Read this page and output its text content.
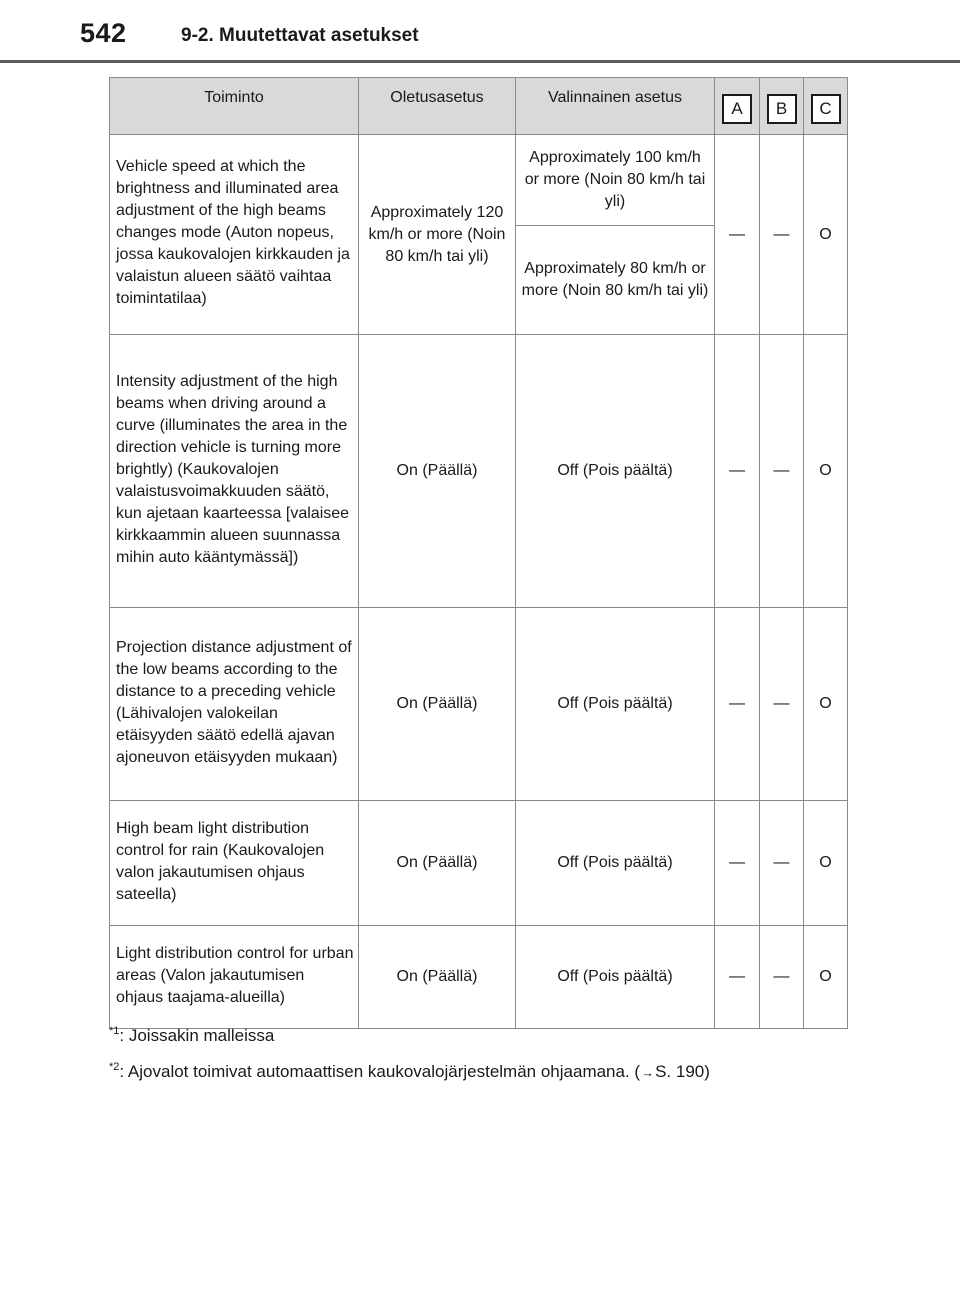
542	9-2. Muutettavat asetukset
Toiminto	Oletusasetus	Valinnainen asetus	A	B	C
Vehicle speed at which the brightness and illuminated area adjustment of the high beams changes mode (Auton nopeus, jossa kaukovalojen kirkkauden ja valaistun alueen säätö vaihtaa toimintatilaa)	Approximately 120 km/h or more (Noin 80 km/h tai yli)	Approximately 100 km/h or more (Noin 80 km/h tai yli)	—	—	O
		Approximately 80 km/h or more (Noin 80 km/h tai yli)			
Intensity adjustment of the high beams when driving around a curve (illuminates the area in the direction vehicle is turning more brightly) (Kaukovalojen valaistusvoimakkuuden säätö, kun ajetaan kaarteessa [valaisee kirkkaammin alueen suunnassa mihin auto kääntymässä])	On (Päällä)	Off (Pois päältä)	—	—	O
Projection distance adjustment of the low beams according to the distance to a preceding vehicle (Lähivalojen valokeilan etäisyyden säätö edellä ajavan ajoneuvon etäisyyden mukaan)	On (Päällä)	Off (Pois päältä)	—	—	O
High beam light distribution control for rain (Kaukovalojen valon jakautumisen ohjaus sateella)	On (Päällä)	Off (Pois päältä)	—	—	O
Light distribution control for urban areas (Valon jakautumisen ohjaus taajama-alueilla)	On (Päällä)	Off (Pois päältä)	—	—	O
$^{*1}$: Joissakin malleissa
$^{*2}$: Ajovalot toimivat automaattisen kaukovalojärjestelmän ohjaamana. (→S. 190)
